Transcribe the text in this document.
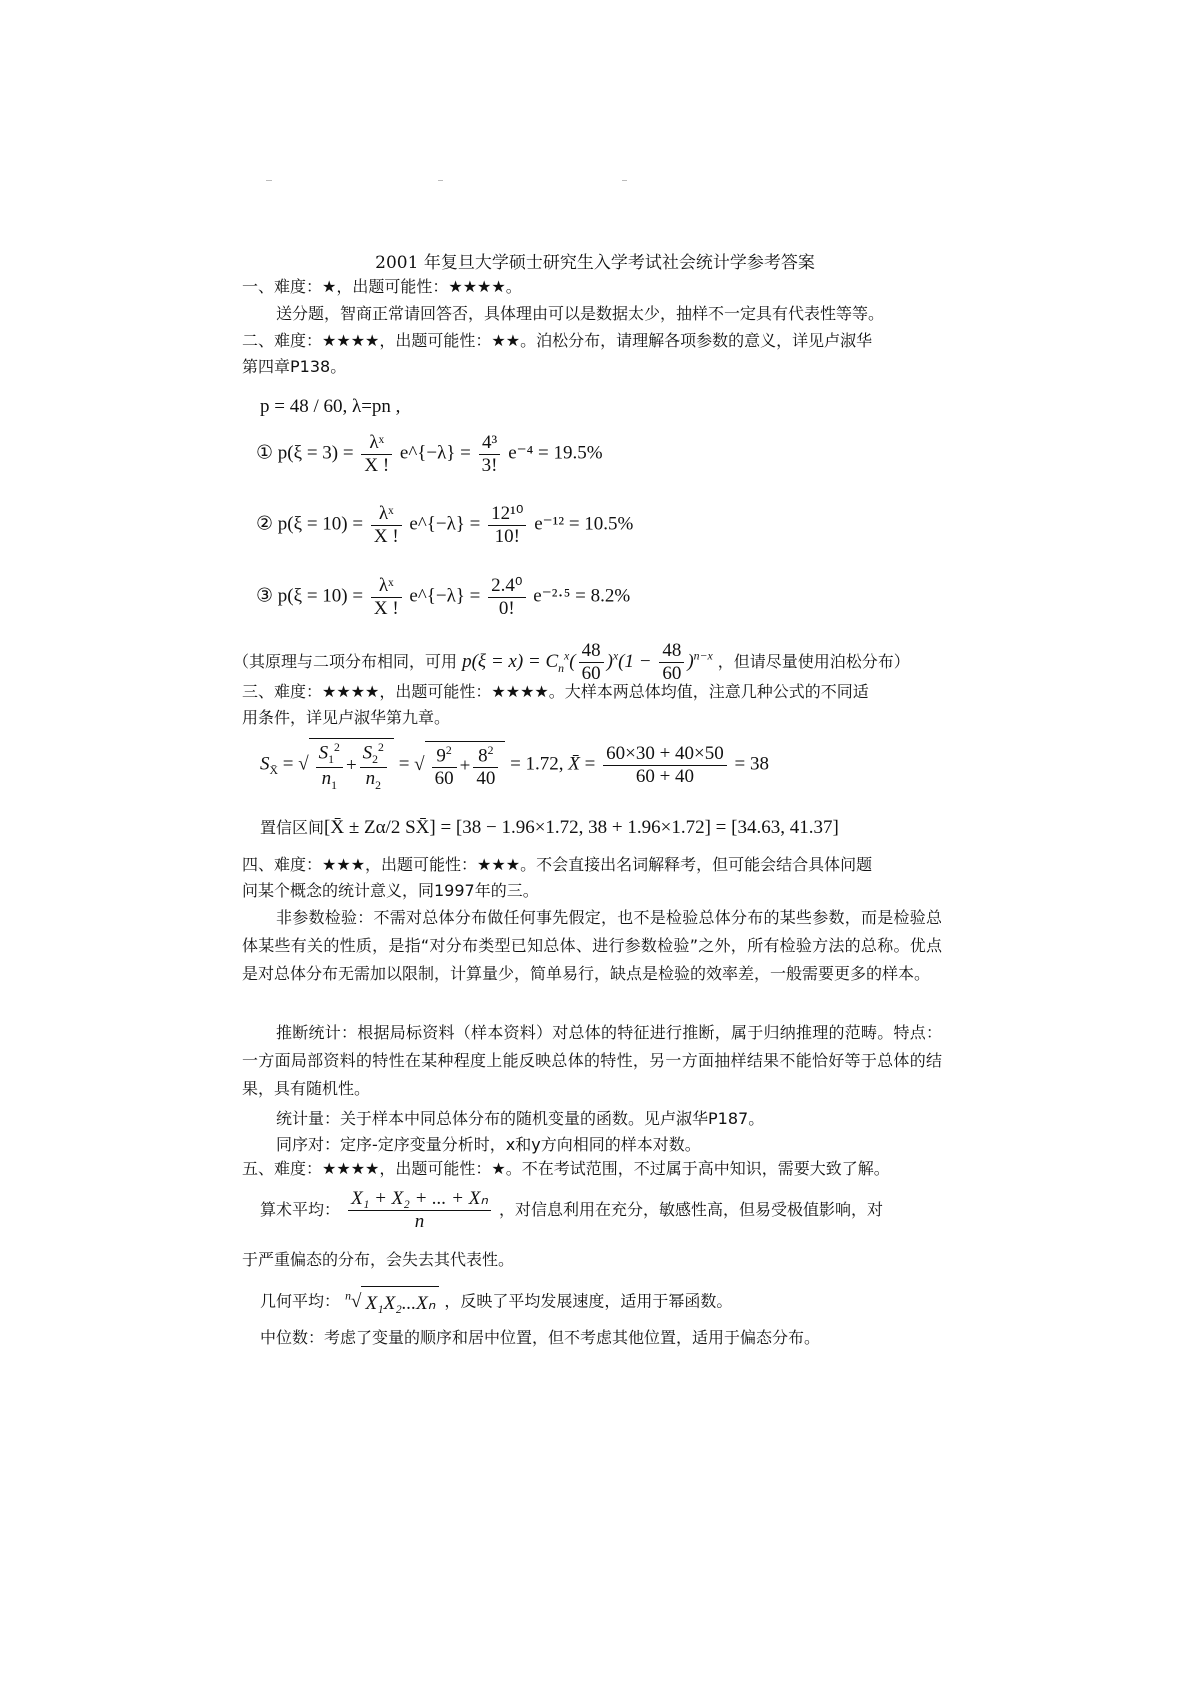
2001 年复旦大学硕士研究生入学考试社会统计学参考答案
一、难度：★，出题可能性：★★★★。
送分题，智商正常请回答否，具体理由可以是数据太少，抽样不一定具有代表性等等。
二、难度：★★★★，出题可能性：★★。泊松分布，请理解各项参数的意义，详见卢淑华
第四章P138。
p = 48 / 60, λ=pn ,
① $p(\xi = 3) = \frac{\text{λˣ}}{X !}$ e^{−λ} = $\frac{\text{4³}}{3!} e^{-4} = 19.5\%$
② $p(\xi = 10) = \frac{\text{λˣ}}{X !}$ e^{−λ} = $\frac{\text{12¹⁰}}{10!} e^{-12} = 10.5\%$
③ $p(\xi = 10) = \frac{\text{λˣ}}{X !}$ e^{−λ} = $\frac{\text{2.4⁰}}{0!} e^{-2}\cdot^5 = 8.2\%$
（其原理与二项分布相同，可用 $p(\xi = x) = C_n^x( \frac{48}{60} )^x(1 - \frac{48}{60} )^{n-x}$ ，但请尽量使用泊松分布）
三、难度：★★★★，出题可能性：★★★★。大样本两总体均值，注意几种公式的不同适
用条件，详见卢淑华第九章。
$S_{X̄}$ = √ $\frac{S_1^2}{n_1} + \frac{S_2^2}{n_2}$ = √ $\frac{9^2}{60} + \frac{8^2}{40} = 1.72$, X̄ = $\frac{60\times 30 + 40\times 50}{60 + 40} = 38$
置信区间[X̄ ± Zα/2 SX̄] = [38 − 1.96×1.72, 38 + 1.96×1.72] = [34.63, 41.37]
四、难度：★★★，出题可能性：★★★。不会直接出名词解释考，但可能会结合具体问题
问某个概念的统计意义，同1997年的三。
非参数检验：不需对总体分布做任何事先假定，也不是检验总体分布的某些参数，而是检验总体某些有关的性质，是指“对分布类型已知总体、进行参数检验”之外，所有检验方法的总称。优点是对总体分布无需加以限制，计算量少，简单易行，缺点是检验的效率差，一般需要更多的样本。
推断统计：根据局标资料（样本资料）对总体的特征进行推断，属于归纳推理的范畴。特点：一方面局部资料的特性在某种程度上能反映总体的特性，另一方面抽样结果不能恰好等于总体的结果，具有随机性。
统计量：关于样本中同总体分布的随机变量的函数。见卢淑华P187。
同序对：定序-定序变量分析时，x和y方向相同的样本对数。
五、难度：★★★★，出题可能性：★。不在考试范围，不过属于高中知识，需要大致了解。
算术平均： $\frac{\text{X₁ + X₂ + ... + Xₙ}}{n}$ ，对信息利用在充分，敏感性高，但易受极值影响，对
于严重偏态的分布，会失去其代表性。
几何平均： $^n$√ X₁X₂...Xₙ ，反映了平均发展速度，适用于幂函数。
中位数：考虑了变量的顺序和居中位置，但不考虑其他位置，适用于偏态分布。
